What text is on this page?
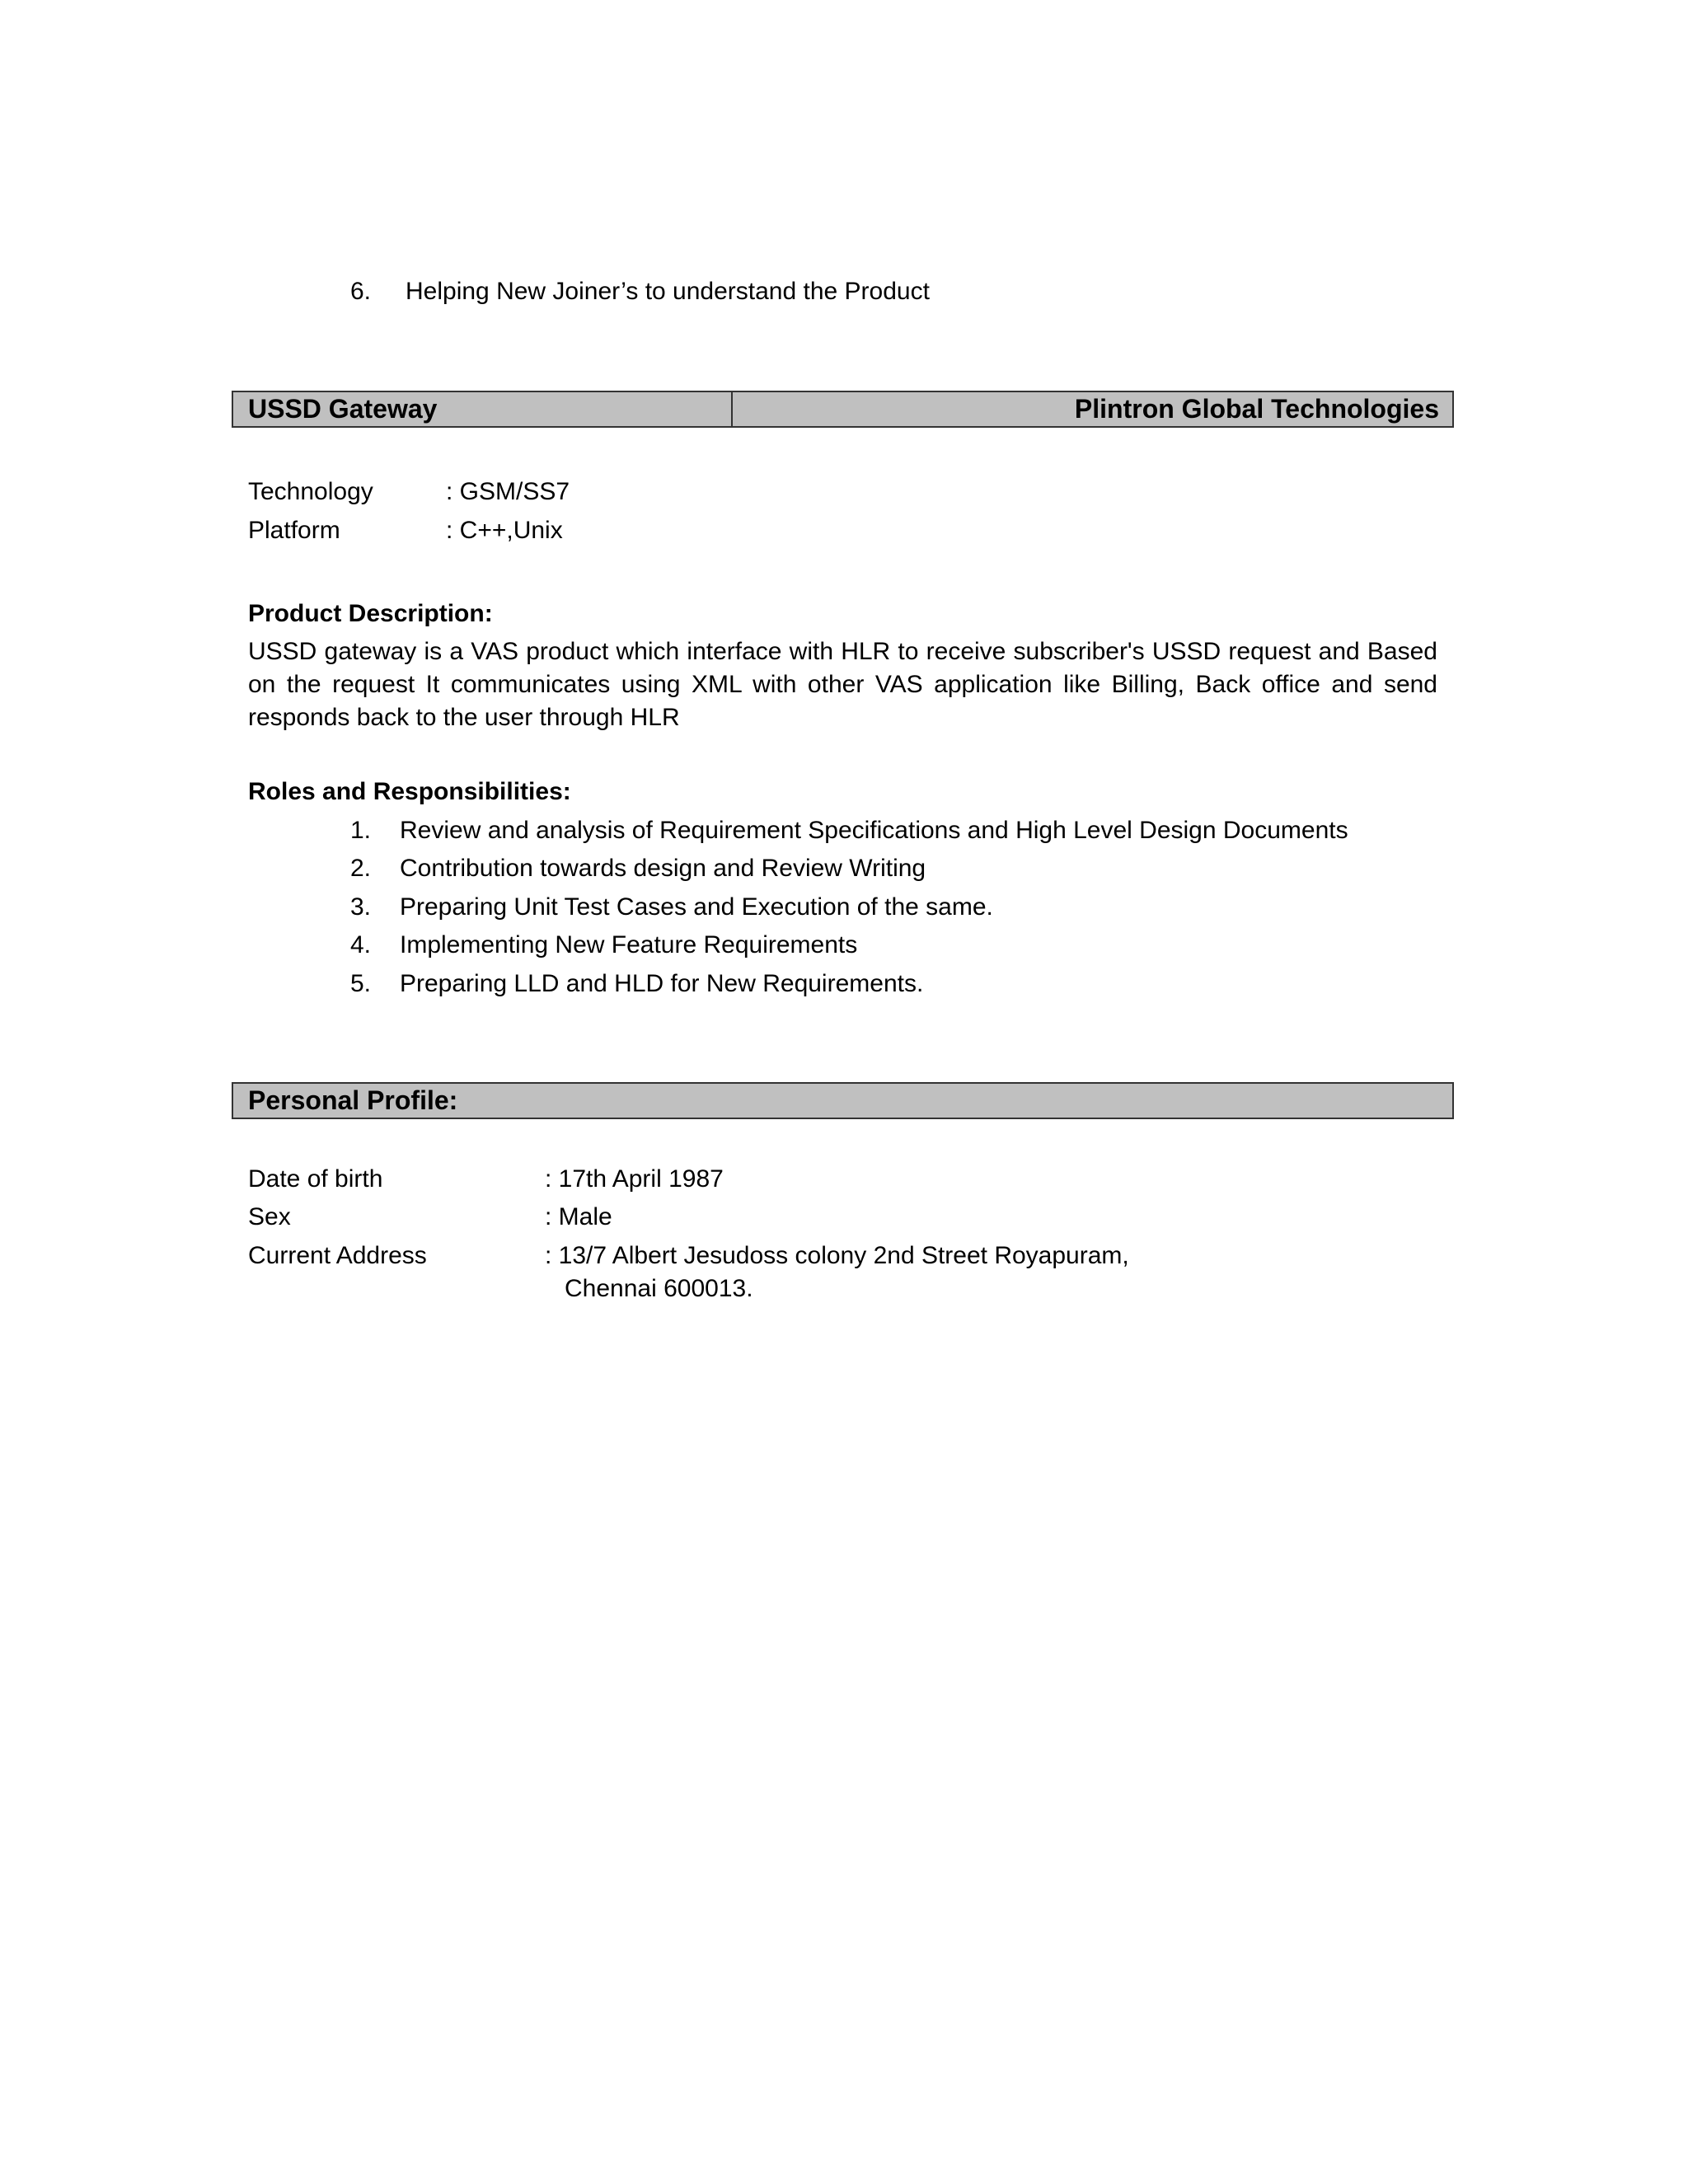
6. Helping New Joiner’s to understand the Product
USSD Gateway	Plintron Global Technologies
Technology	: GSM/SS7
Platform	: C++,Unix
Product Description:
USSD gateway is a VAS product which interface with HLR to receive subscriber's USSD request and Based on the request It communicates using XML with other VAS application like Billing, Back office and send responds back to the user through HLR
Roles and Responsibilities:
1. Review and analysis of Requirement Specifications and High Level Design Documents
2. Contribution towards design and Review Writing
3. Preparing Unit Test Cases and Execution of the same.
4. Implementing New Feature Requirements
5. Preparing LLD and HLD for New Requirements.
Personal Profile:
Date of birth	: 17th April 1987
Sex	: Male
Current Address	: 13/7 Albert Jesudoss colony 2nd Street Royapuram,
Chennai 600013.
